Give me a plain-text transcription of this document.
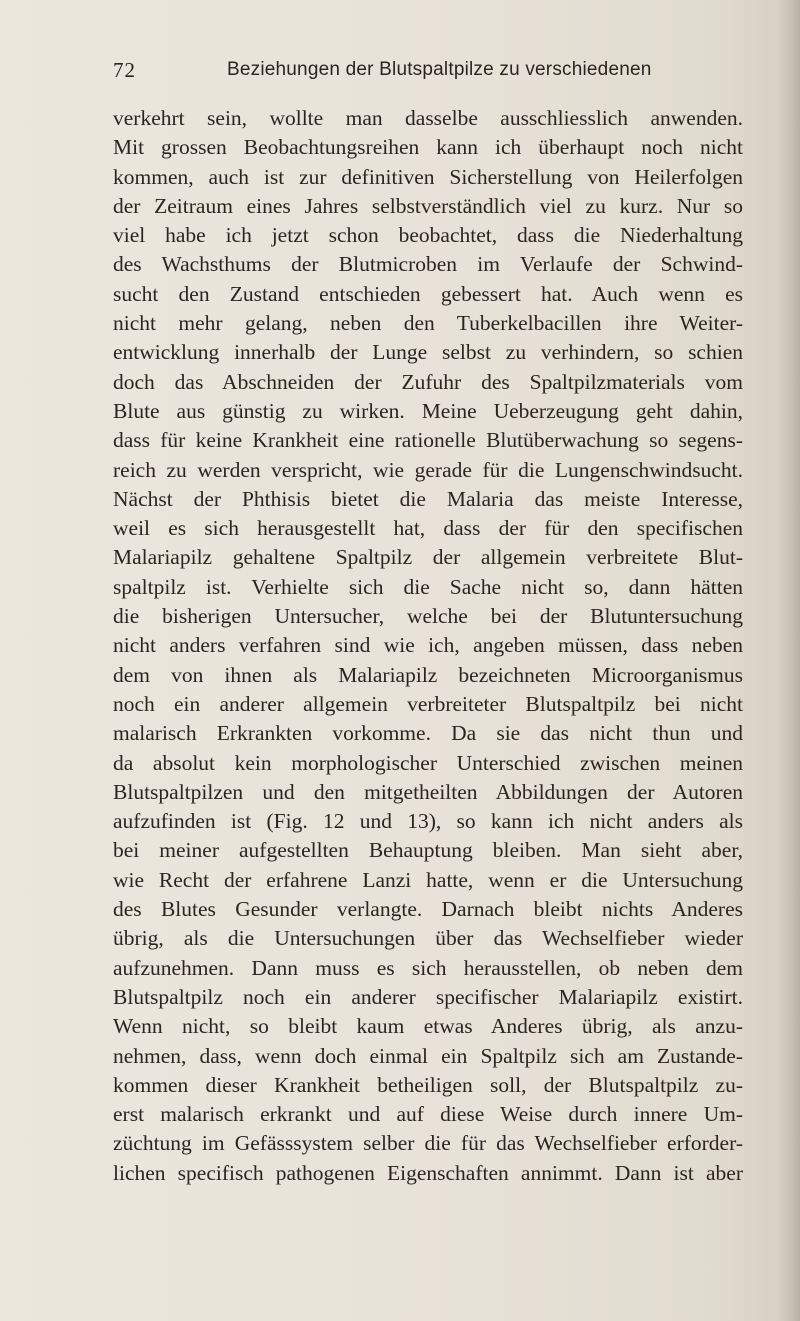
72	Beziehungen der Blutspaltpilze zu verschiedenen
verkehrt sein, wollte man dasselbe ausschliesslich anwenden.
Mit grossen Beobachtungsreihen kann ich überhaupt noch nicht
kommen, auch ist zur definitiven Sicherstellung von Heilerfolgen
der Zeitraum eines Jahres selbstverständlich viel zu kurz. Nur so
viel habe ich jetzt schon beobachtet, dass die Niederhaltung
des Wachsthums der Blutmicroben im Verlaufe der Schwind-
sucht den Zustand entschieden gebessert hat. Auch wenn es
nicht mehr gelang, neben den Tuberkelbacillen ihre Weiter-
entwicklung innerhalb der Lunge selbst zu verhindern, so schien
doch das Abschneiden der Zufuhr des Spaltpilzmaterials vom
Blute aus günstig zu wirken. Meine Ueberzeugung geht dahin,
dass für keine Krankheit eine rationelle Blutüberwachung so segens-
reich zu werden verspricht, wie gerade für die Lungenschwindsucht.
Nächst der Phthisis bietet die Malaria das meiste Interesse,
weil es sich herausgestellt hat, dass der für den specifischen
Malariapilz gehaltene Spaltpilz der allgemein verbreitete Blut-
spaltpilz ist. Verhielte sich die Sache nicht so, dann hätten
die bisherigen Untersucher, welche bei der Blutuntersuchung
nicht anders verfahren sind wie ich, angeben müssen, dass neben
dem von ihnen als Malariapilz bezeichneten Microorganismus
noch ein anderer allgemein verbreiteter Blutspaltpilz bei nicht
malarisch Erkrankten vorkomme. Da sie das nicht thun und
da absolut kein morphologischer Unterschied zwischen meinen
Blutspaltpilzen und den mitgetheilten Abbildungen der Autoren
aufzufinden ist (Fig. 12 und 13), so kann ich nicht anders als
bei meiner aufgestellten Behauptung bleiben. Man sieht aber,
wie Recht der erfahrene Lanzi hatte, wenn er die Untersuchung
des Blutes Gesunder verlangte. Darnach bleibt nichts Anderes
übrig, als die Untersuchungen über das Wechselfieber wieder
aufzunehmen. Dann muss es sich herausstellen, ob neben dem
Blutspaltpilz noch ein anderer specifischer Malariapilz existirt.
Wenn nicht, so bleibt kaum etwas Anderes übrig, als anzu-
nehmen, dass, wenn doch einmal ein Spaltpilz sich am Zustande-
kommen dieser Krankheit betheiligen soll, der Blutspaltpilz zu-
erst malarisch erkrankt und auf diese Weise durch innere Um-
züchtung im Gefässsystem selber die für das Wechselfieber erforder-
lichen specifisch pathogenen Eigenschaften annimmt. Dann ist aber
